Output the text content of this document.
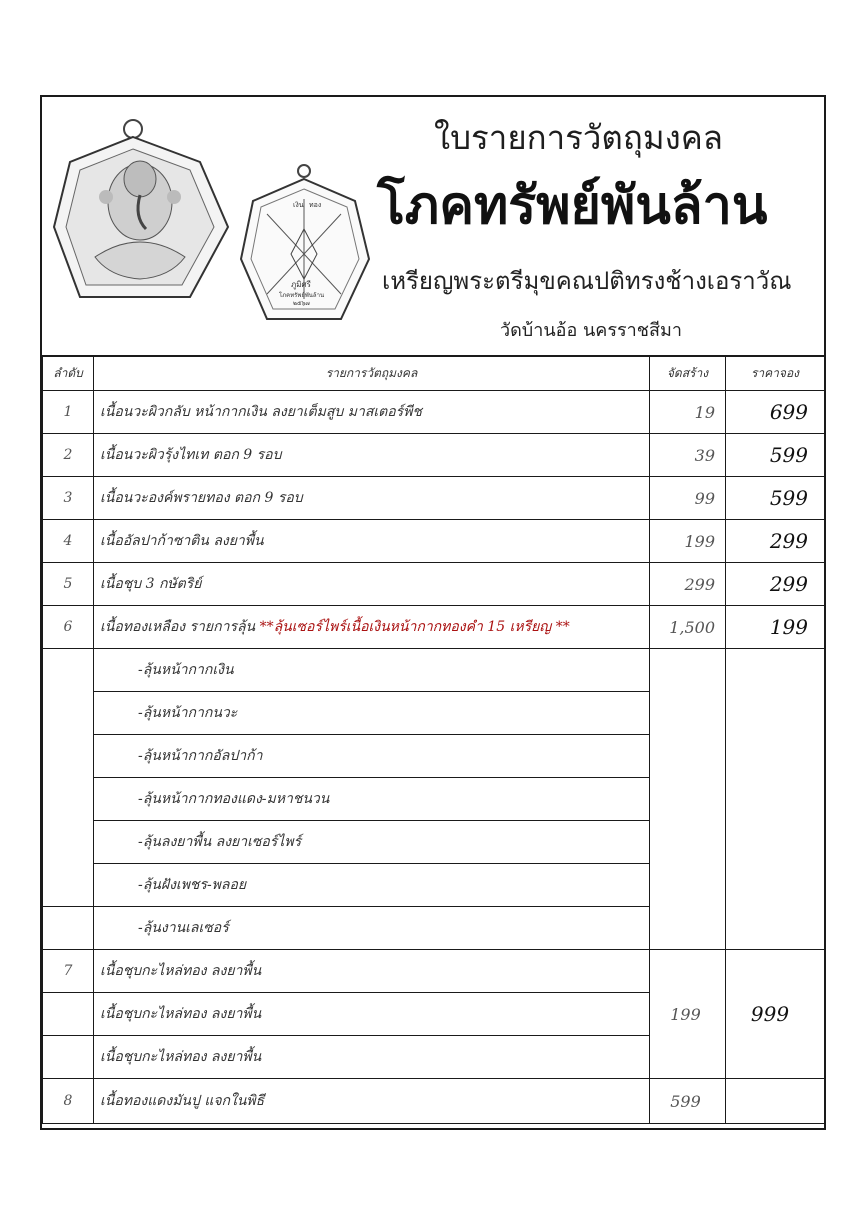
เงิน ทอง
ภูมิศรี
โภคทรัพย์พันล้าน
๒๕๖๗
ใบรายการวัตถุมงคล
โภคทรัพย์พันล้าน
เหรียญพระตรีมุขคณปติทรงช้างเอราวัณ
วัดบ้านอ้อ นครราชสีมา
ลำดับ	รายการวัตถุมงคล	จัดสร้าง	ราคาจอง
1	เนื้อนวะผิวกลับ หน้ากากเงิน ลงยาเต็มสูบ มาสเตอร์พีช	19	699
2	เนื้อนวะผิวรุ้งไทเท ตอก 9 รอบ	39	599
3	เนื้อนวะองค์พรายทอง ตอก 9 รอบ	99	599
4	เนื้ออัลปาก้าซาติน ลงยาพื้น	199	299
5	เนื้อชุบ 3 กษัตริย์	299	299
6	เนื้อทองเหลือง รายการลุ้น **ลุ้นเซอร์ไพร์เนื้อเงินหน้ากากทองคำ 15 เหรียญ **	1,500	199
	-ลุ้นหน้ากากเงิน		
	-ลุ้นหน้ากากนวะ		
	-ลุ้นหน้ากากอัลปาก้า		
	-ลุ้นหน้ากากทองแดง-มหาชนวน		
	-ลุ้นลงยาพื้น ลงยาเซอร์ไพร์		
	-ลุ้นฝังเพชร-พลอย		
	-ลุ้นงานเลเซอร์		
7	เนื้อชุบกะไหล่ทอง ลงยาพื้น	199	999
	เนื้อชุบกะไหล่ทอง ลงยาพื้น		
	เนื้อชุบกะไหล่ทอง ลงยาพื้น		
8	เนื้อทองแดงมันปู แจกในพิธี	599	
